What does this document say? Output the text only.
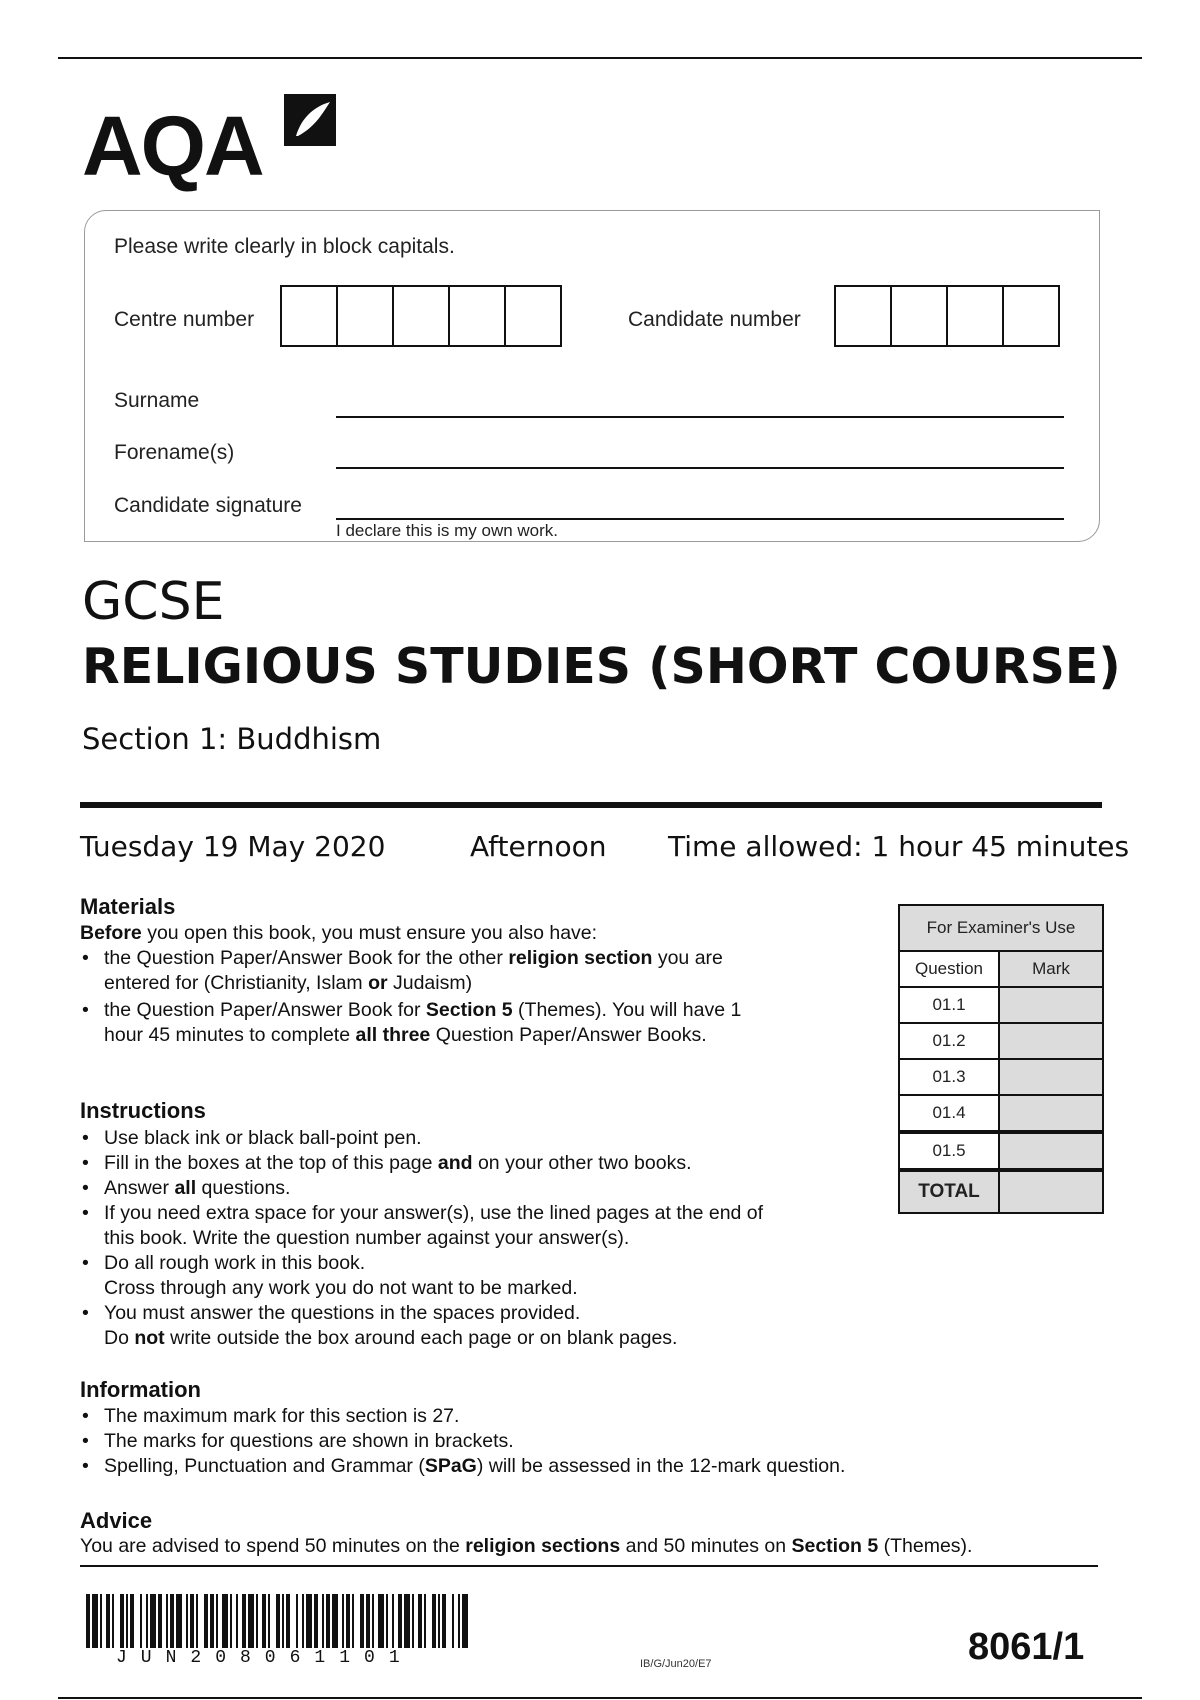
AQA
Please write clearly in block capitals.
Centre number	Candidate number
Surname
Forename(s)
Candidate signature
I declare this is my own work.
GCSE
RELIGIOUS STUDIES (SHORT COURSE)
Section 1: Buddhism
Tuesday 19 May 2020	Afternoon Time allowed: 1 hour 45 minutes
Materials
Before you open this book, you must ensure you also have:
• the Question Paper/Answer Book for the other religion section you are entered for (Christianity, Islam or Judaism)
• the Question Paper/Answer Book for Section 5 (Themes). You will have 1 hour 45 minutes to complete all three Question Paper/Answer Books.
Instructions
• Use black ink or black ball-point pen.
• Fill in the boxes at the top of this page and on your other two books.
• Answer all questions.
• If you need extra space for your answer(s), use the lined pages at the end of
this book. Write the question number against your answer(s).
• Do all rough work in this book.
Cross through any work you do not want to be marked.
• You must answer the questions in the spaces provided.
Do not write outside the box around each page or on blank pages.
Information
• The maximum mark for this section is 27.
• The marks for questions are shown in brackets.
• Spelling, Punctuation and Grammar (SPaG) will be assessed in the 12-mark question.
Advice
You are advised to spend 50 minutes on the religion sections and 50 minutes on Section 5 (Themes).
For Examiner's Use
Question	Mark
01.1
01.2
01.3
01.4
01.5
TOTAL
JUN208061101	IB/G/Jun20/E7	8061/1
